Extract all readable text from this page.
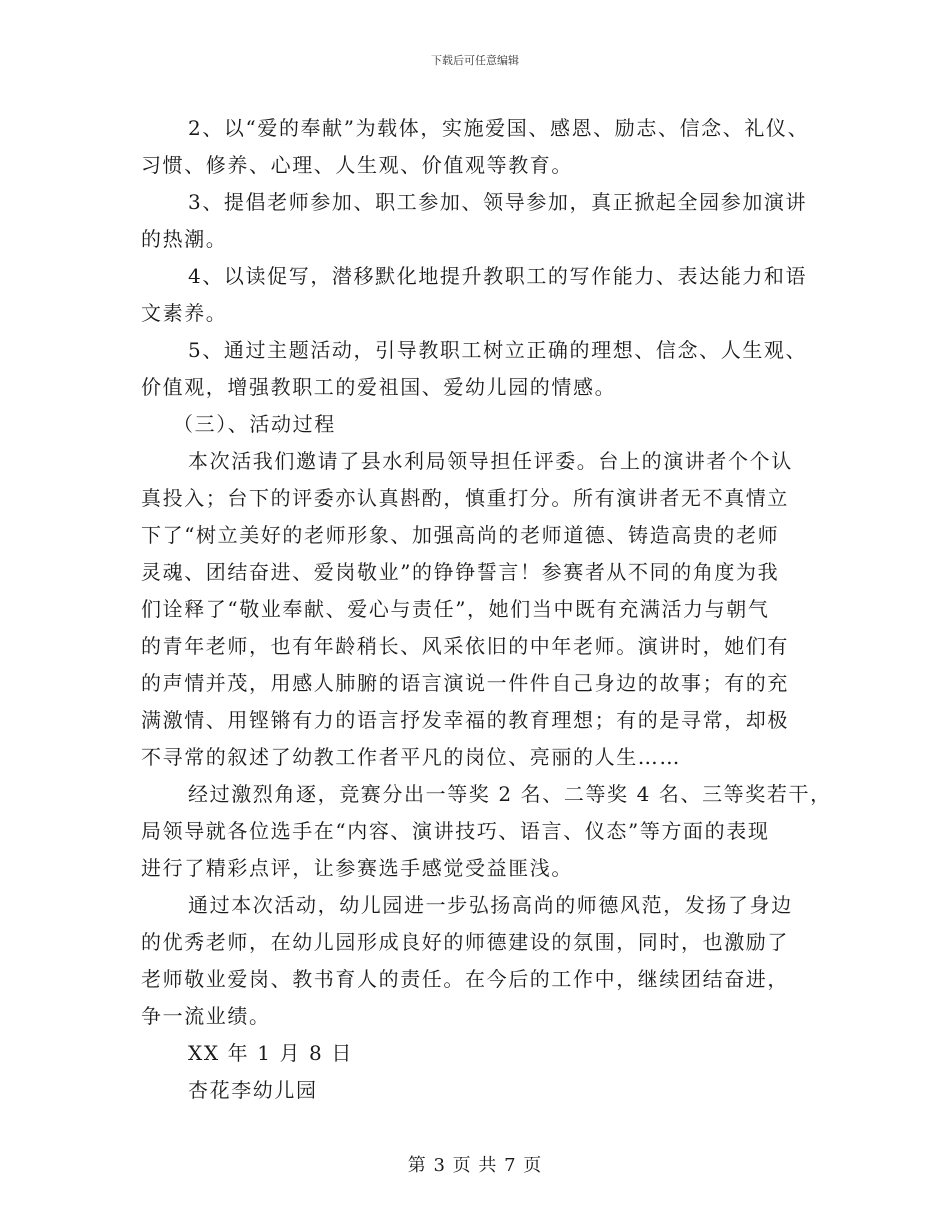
下载后可任意编辑
2、以“爱的奉献”为载体，实施爱国、感恩、励志、信念、礼仪、
习惯、修养、心理、人生观、价值观等教育。
3、提倡老师参加、职工参加、领导参加，真正掀起全园参加演讲
的热潮。
4、以读促写，潜移默化地提升教职工的写作能力、表达能力和语
文素养。
5、通过主题活动，引导教职工树立正确的理想、信念、人生观、
价值观，增强教职工的爱祖国、爱幼儿园的情感。
（三）、活动过程
本次活我们邀请了县水利局领导担任评委。台上的演讲者个个认
真投入；台下的评委亦认真斟酌，慎重打分。所有演讲者无不真情立
下了“树立美好的老师形象、加强高尚的老师道德、铸造高贵的老师
灵魂、团结奋进、爱岗敬业”的铮铮誓言！参赛者从不同的角度为我
们诠释了“敬业奉献、爱心与责任”，她们当中既有充满活力与朝气
的青年老师，也有年龄稍长、风采依旧的中年老师。演讲时，她们有
的声情并茂，用感人肺腑的语言演说一件件自己身边的故事；有的充
满激情、用铿锵有力的语言抒发幸福的教育理想；有的是寻常，却极
不寻常的叙述了幼教工作者平凡的岗位、亮丽的人生……
经过激烈角逐，竞赛分出一等奖 2 名、二等奖 4 名、三等奖若干，
局领导就各位选手在“内容、演讲技巧、语言、仪态”等方面的表现
进行了精彩点评，让参赛选手感觉受益匪浅。
通过本次活动，幼儿园进一步弘扬高尚的师德风范，发扬了身边
的优秀老师，在幼儿园形成良好的师德建设的氛围，同时，也激励了
老师敬业爱岗、教书育人的责任。在今后的工作中，继续团结奋进，
争一流业绩。
XX 年 1 月 8 日
杏花李幼儿园
第 3 页 共 7 页
